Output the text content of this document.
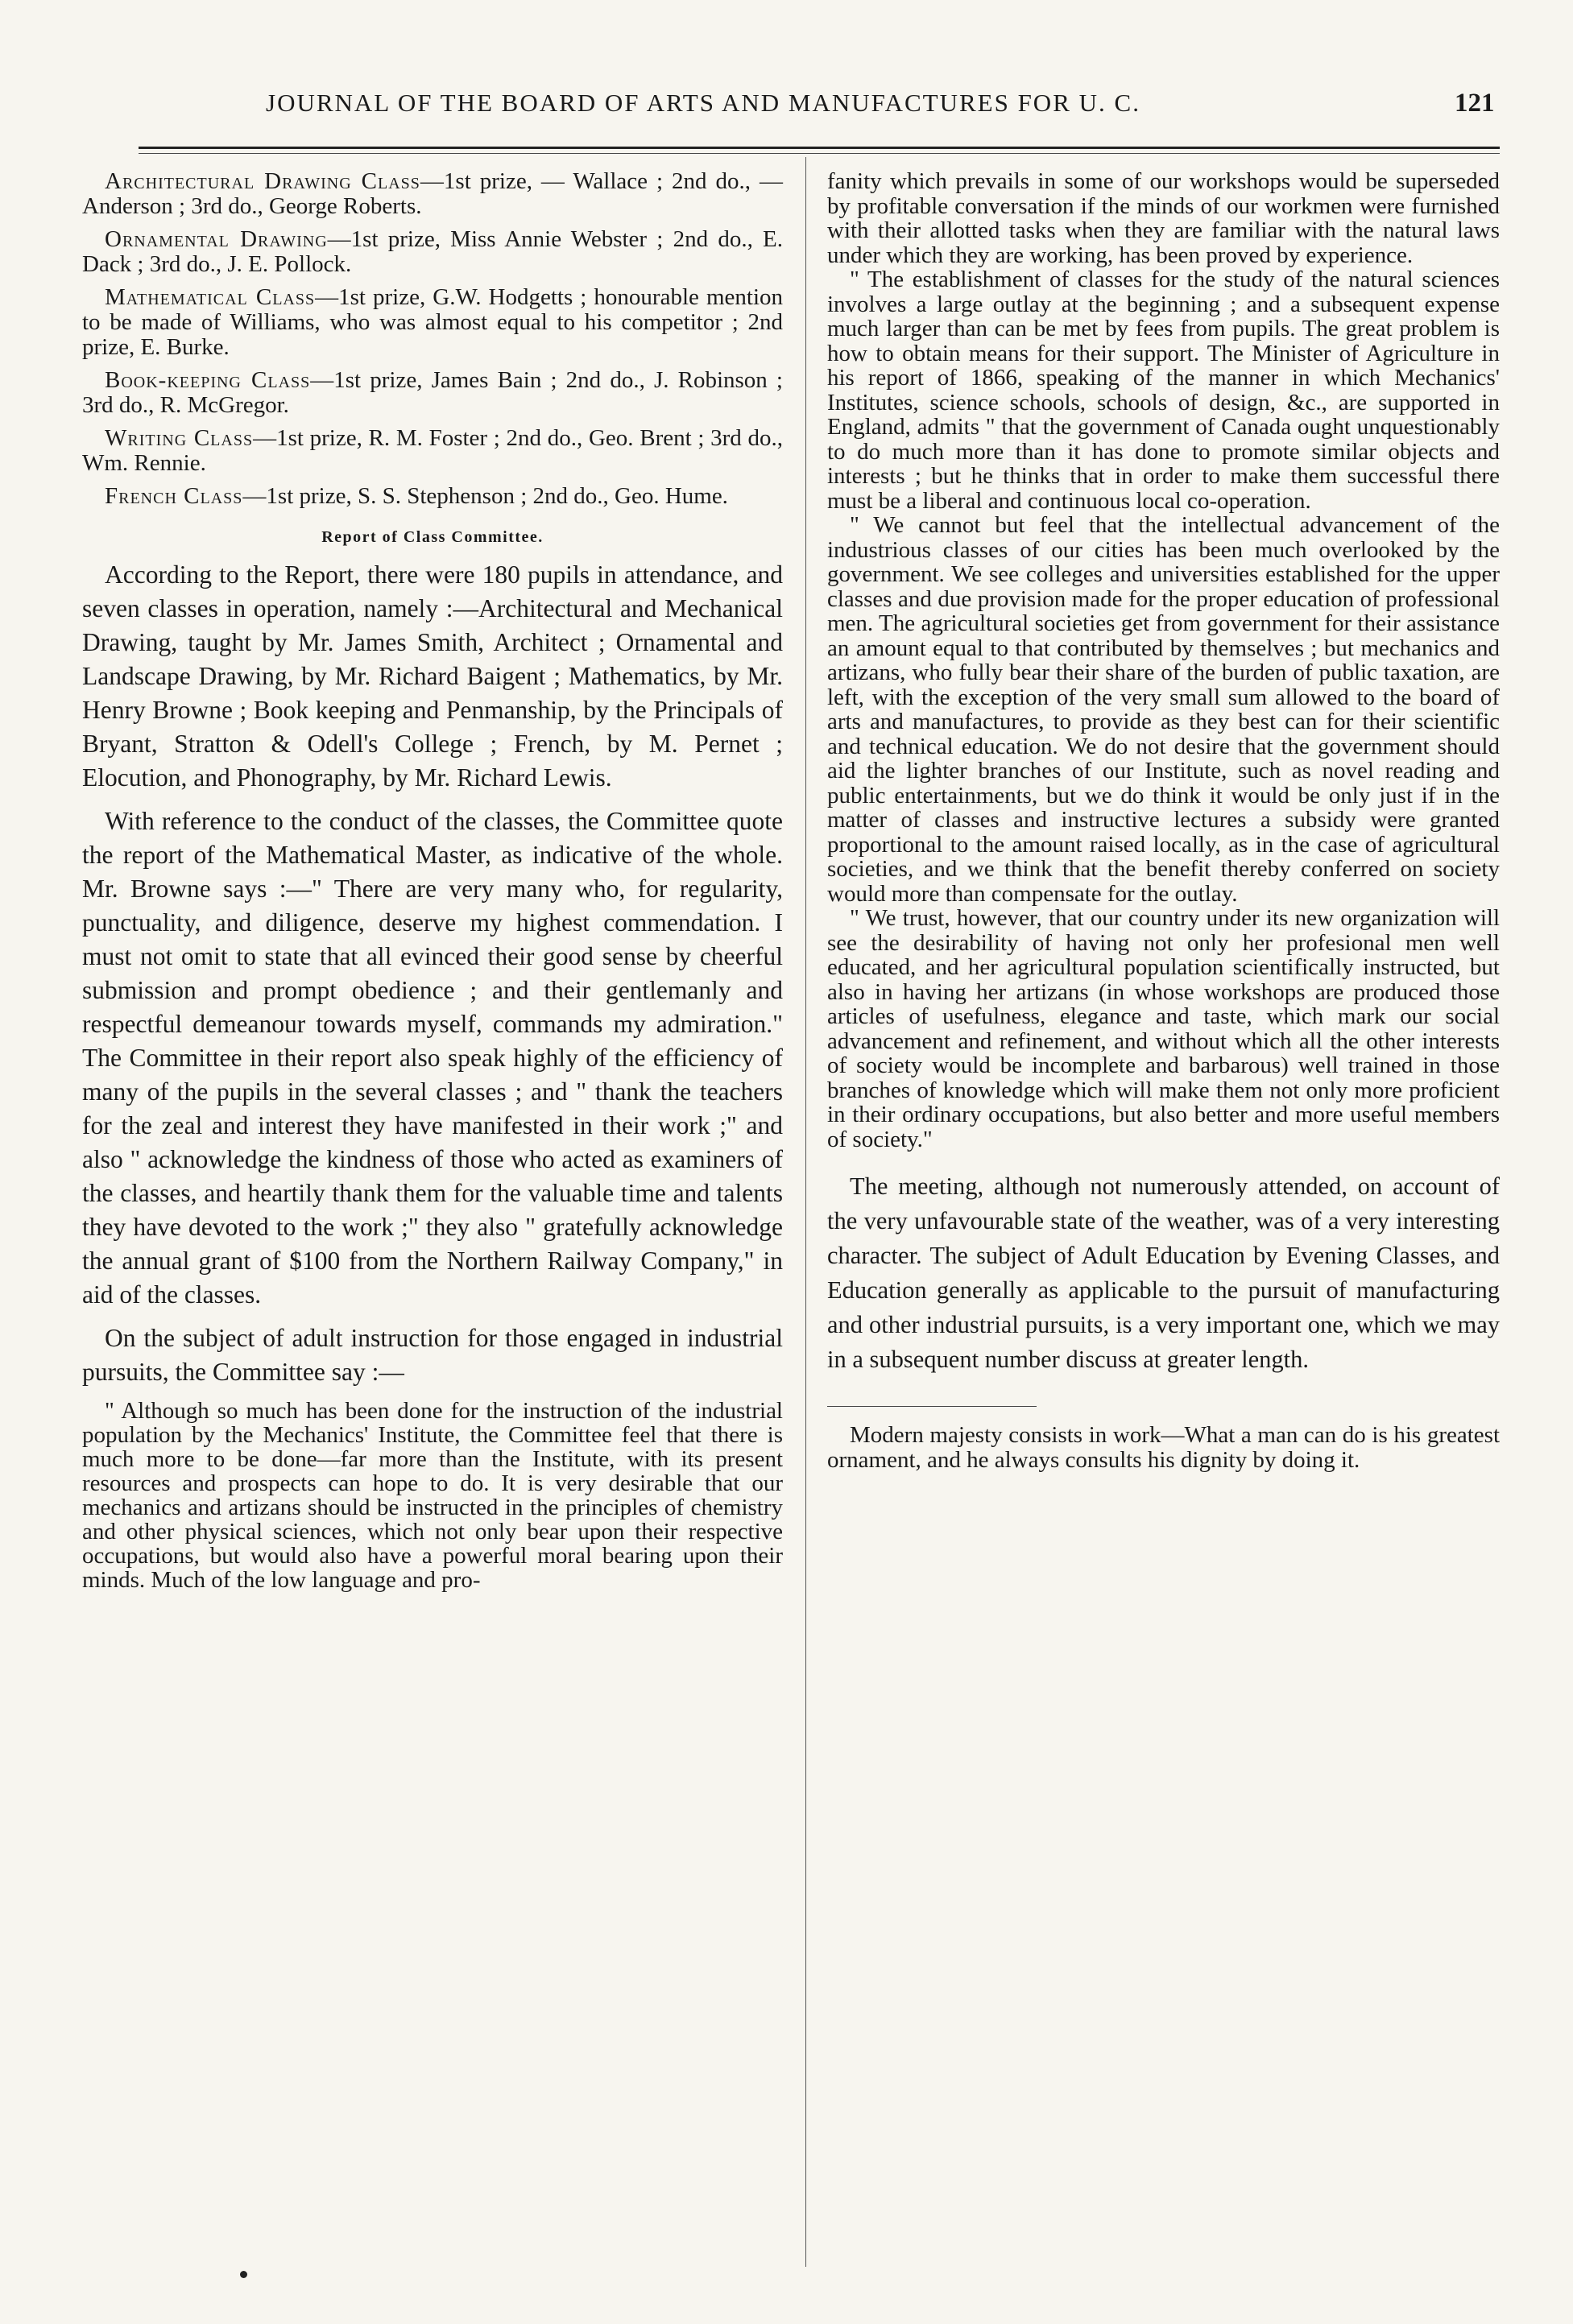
JOURNAL OF THE BOARD OF ARTS AND MANUFACTURES FOR U. C.	121

Architectural Drawing Class—1st prize, — Wallace ; 2nd do., — Anderson ; 3rd do., George Roberts.

Ornamental Drawing—1st prize, Miss Annie Webster ; 2nd do., E. Dack ; 3rd do., J. E. Pollock.

Mathematical Class—1st prize, G.W. Hodgetts ; honourable mention to be made of Williams, who was almost equal to his competitor ; 2nd prize, E. Burke.

Book-keeping Class—1st prize, James Bain ; 2nd do., J. Robinson ; 3rd do., R. McGregor.

Writing Class—1st prize, R. M. Foster ; 2nd do., Geo. Brent ; 3rd do., Wm. Rennie.

French Class—1st prize, S. S. Stephenson ; 2nd do., Geo. Hume.

Report of Class Committee.

According to the Report, there were 180 pupils in attendance, and seven classes in operation, namely :—Architectural and Mechanical Drawing, taught by Mr. James Smith, Architect ; Ornamental and Landscape Drawing, by Mr. Richard Baigent ; Mathematics, by Mr. Henry Browne ; Book keeping and Penmanship, by the Principals of Bryant, Stratton & Odell's College ; French, by M. Pernet ; Elocution, and Phonography, by Mr. Richard Lewis.

With reference to the conduct of the classes, the Committee quote the report of the Mathematical Master, as indicative of the whole. Mr. Browne says :—" There are very many who, for regularity, punctuality, and diligence, deserve my highest commendation. I must not omit to state that all evinced their good sense by cheerful submission and prompt obedience ; and their gentlemanly and respectful demeanour towards myself, commands my admiration." The Committee in their report also speak highly of the efficiency of many of the pupils in the several classes ; and " thank the teachers for the zeal and interest they have manifested in their work ;" and also " acknowledge the kindness of those who acted as examiners of the classes, and heartily thank them for the valuable time and talents they have devoted to the work ;" they also " gratefully acknowledge the annual grant of $100 from the Northern Railway Company," in aid of the classes.

On the subject of adult instruction for those engaged in industrial pursuits, the Committee say :—

" Although so much has been done for the instruction of the industrial population by the Mechanics' Institute, the Committee feel that there is much more to be done—far more than the Institute, with its present resources and prospects can hope to do. It is very desirable that our mechanics and artizans should be instructed in the principles of chemistry and other physical sciences, which not only bear upon their respective occupations, but would also have a powerful moral bearing upon their minds. Much of the low language and pro-

fanity which prevails in some of our workshops would be superseded by profitable conversation if the minds of our workmen were furnished with their allotted tasks when they are familiar with the natural laws under which they are working, has been proved by experience.

" The establishment of classes for the study of the natural sciences involves a large outlay at the beginning ; and a subsequent expense much larger than can be met by fees from pupils. The great problem is how to obtain means for their support. The Minister of Agriculture in his report of 1866, speaking of the manner in which Mechanics' Institutes, science schools, schools of design, &c., are supported in England, admits " that the government of Canada ought unquestionably to do much more than it has done to promote similar objects and interests ; but he thinks that in order to make them successful there must be a liberal and continuous local co-operation.

" We cannot but feel that the intellectual advancement of the industrious classes of our cities has been much overlooked by the government. We see colleges and universities established for the upper classes and due provision made for the proper education of professional men. The agricultural societies get from government for their assistance an amount equal to that contributed by themselves ; but mechanics and artizans, who fully bear their share of the burden of public taxation, are left, with the exception of the very small sum allowed to the board of arts and manufactures, to provide as they best can for their scientific and technical education. We do not desire that the government should aid the lighter branches of our Institute, such as novel reading and public entertainments, but we do think it would be only just if in the matter of classes and instructive lectures a subsidy were granted proportional to the amount raised locally, as in the case of agricultural societies, and we think that the benefit thereby conferred on society would more than compensate for the outlay.

" We trust, however, that our country under its new organization will see the desirability of having not only her profesional men well educated, and her agricultural population scientifically instructed, but also in having her artizans (in whose workshops are produced those articles of usefulness, elegance and taste, which mark our social advancement and refinement, and without which all the other interests of society would be incomplete and barbarous) well trained in those branches of knowledge which will make them not only more proficient in their ordinary occupations, but also better and more useful members of society."

The meeting, although not numerously attended, on account of the very unfavourable state of the weather, was of a very interesting character. The subject of Adult Education by Evening Classes, and Education generally as applicable to the pursuit of manufacturing and other industrial pursuits, is a very important one, which we may in a subsequent number discuss at greater length.

Modern majesty consists in work—What a man can do is his greatest ornament, and he always consults his dignity by doing it.
